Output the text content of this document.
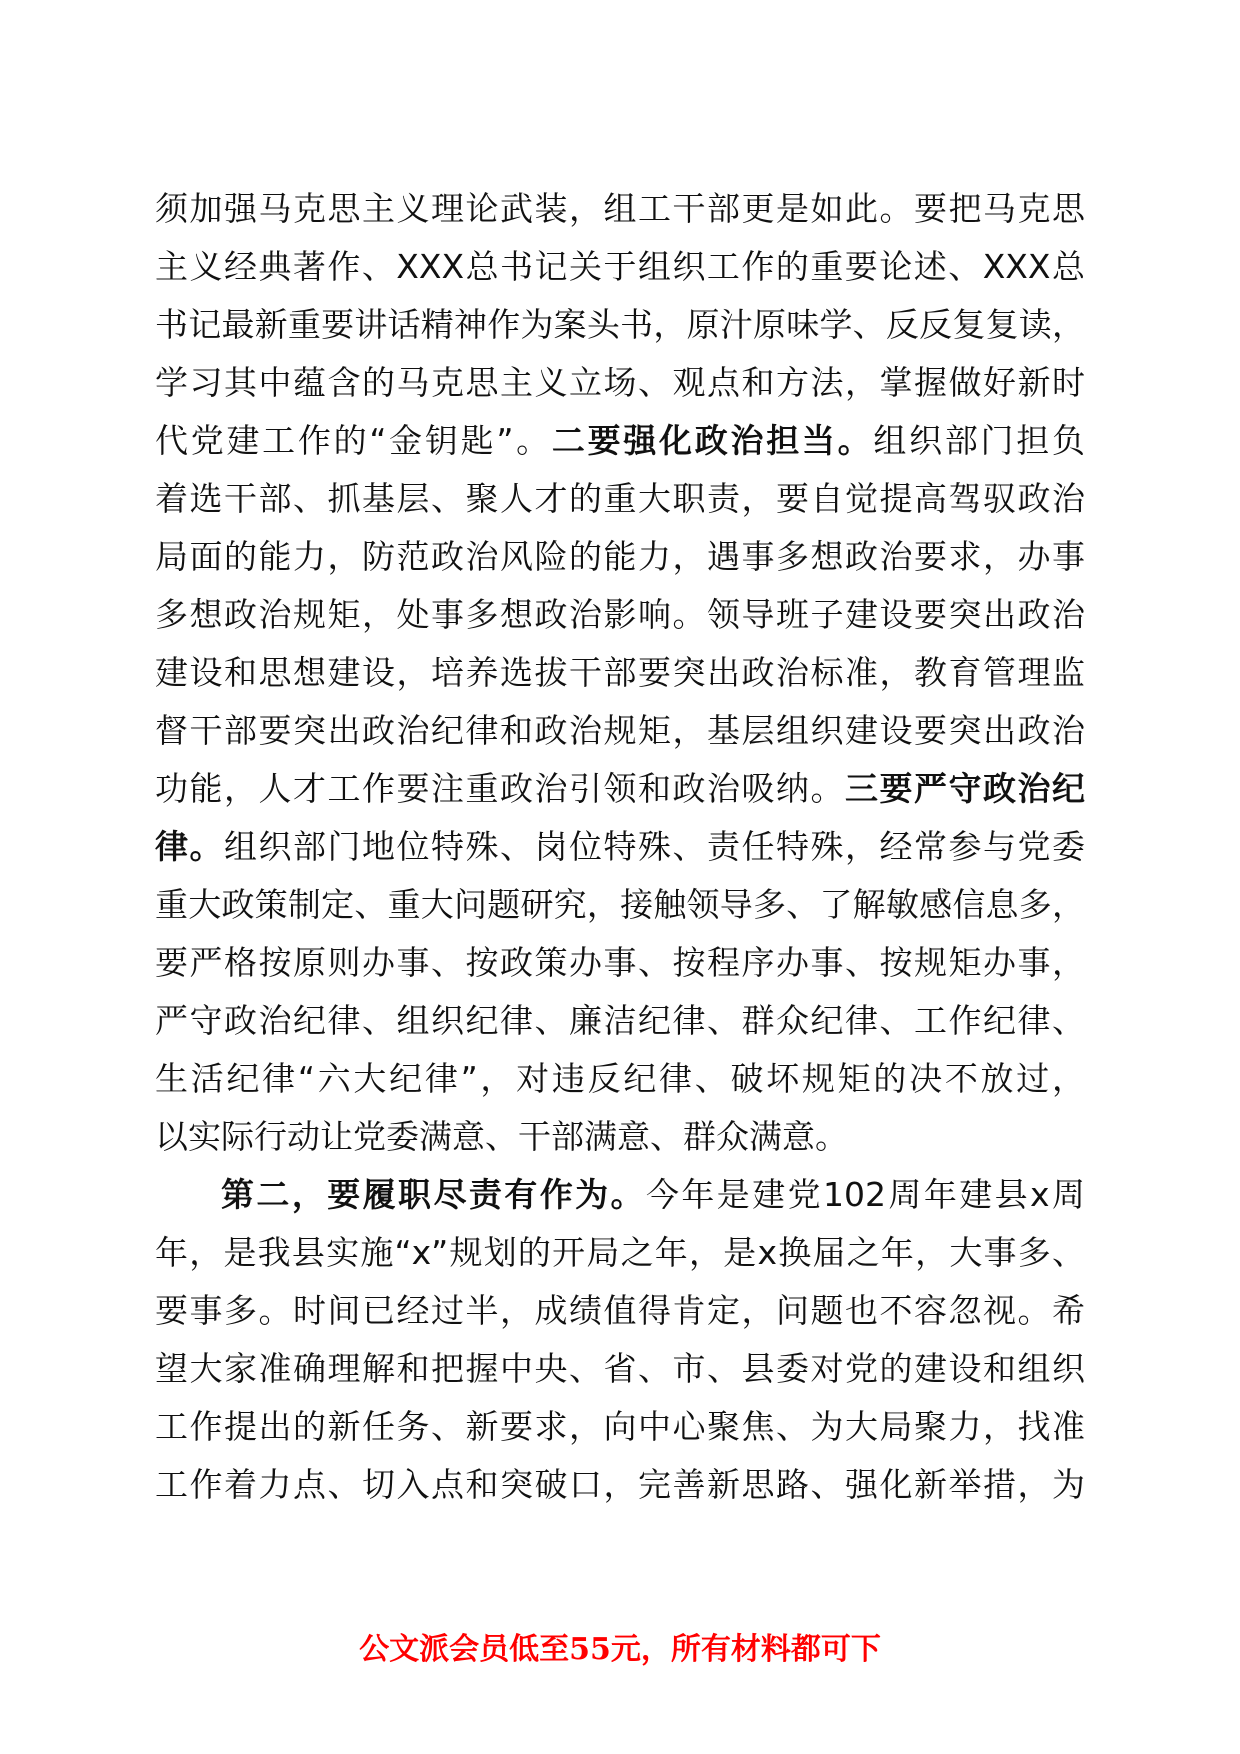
须加强马克思主义理论武装，组工干部更是如此。要把马克思
主义经典著作、XXX总书记关于组织工作的重要论述、XXX总
书记最新重要讲话精神作为案头书，原汁原味学、反反复复读，
学习其中蕴含的马克思主义立场、观点和方法，掌握做好新时
代党建工作的“金钥匙”。二要强化政治担当。组织部门担负
着选干部、抓基层、聚人才的重大职责，要自觉提高驾驭政治
局面的能力，防范政治风险的能力，遇事多想政治要求，办事
多想政治规矩，处事多想政治影响。领导班子建设要突出政治
建设和思想建设，培养选拔干部要突出政治标准，教育管理监
督干部要突出政治纪律和政治规矩，基层组织建设要突出政治
功能，人才工作要注重政治引领和政治吸纳。三要严守政治纪
律。组织部门地位特殊、岗位特殊、责任特殊，经常参与党委
重大政策制定、重大问题研究，接触领导多、了解敏感信息多，
要严格按原则办事、按政策办事、按程序办事、按规矩办事，
严守政治纪律、组织纪律、廉洁纪律、群众纪律、工作纪律、
生活纪律“六大纪律”，对违反纪律、破坏规矩的决不放过，
以实际行动让党委满意、干部满意、群众满意。
第二，要履职尽责有作为。今年是建党102周年建县x周
年，是我县实施“x”规划的开局之年，是x换届之年，大事多、
要事多。时间已经过半，成绩值得肯定，问题也不容忽视。希
望大家准确理解和把握中央、省、市、县委对党的建设和组织
工作提出的新任务、新要求，向中心聚焦、为大局聚力，找准
工作着力点、切入点和突破口，完善新思路、强化新举措，为
公文派会员低至55元，所有材料都可下
